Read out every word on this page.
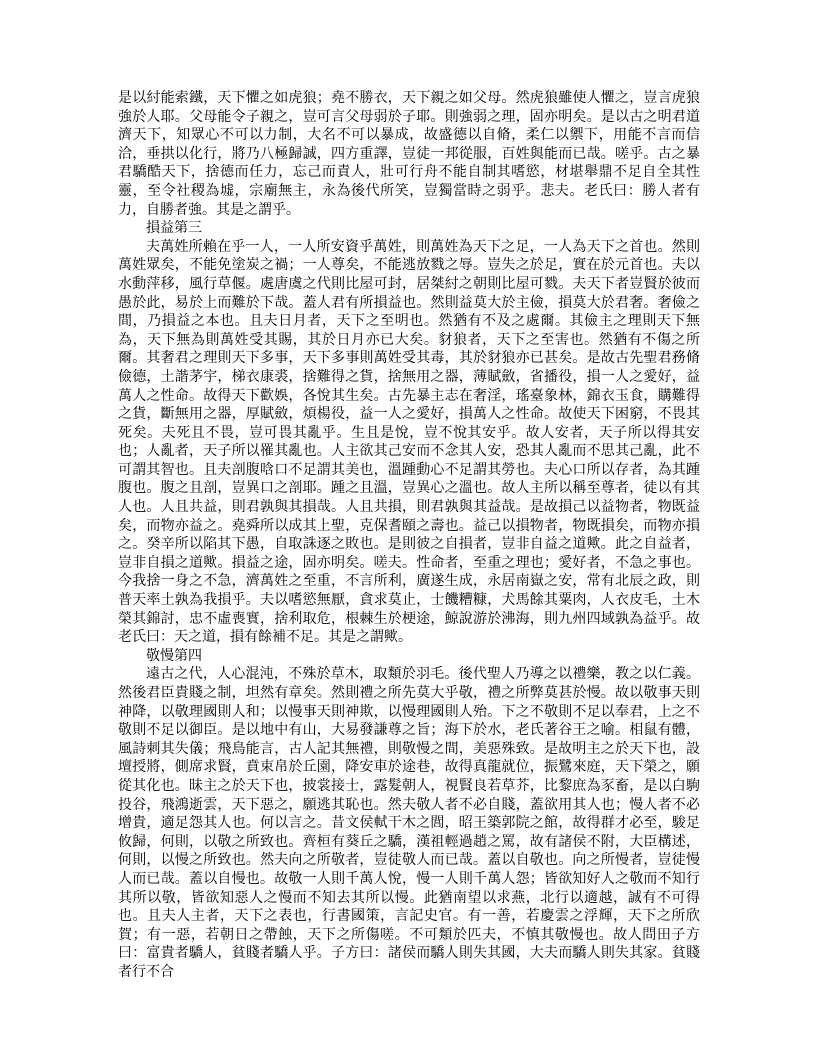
是以紂能索鐵，天下懼之如虎狼；堯不勝衣，天下親之如父母。然虎狼雖使人懼之，豈言虎狼強於人耶。父母能令子親之，豈可言父母弱於子耶。則強弱之理，固亦明矣。是以古之明君道濟天下，知眾心不可以力制，大名不可以暴成，故盛德以自脩，柔仁以禦下，用能不言而信洽，垂拱以化行，將乃八極歸誠，四方重譯，豈徒一邦從服，百姓與能而已哉。嗟乎。古之暴君驕酷天下，捨德而任力，忘己而責人，壯可行舟不能自制其嗜慾，材堪舉鼎不足自全其性靈，至令社稷為墟，宗廟無主，永為後代所笑，豈獨當時之弱乎。悲夫。老氏曰：勝人者有力，自勝者強。其是之謂乎。

損益第三

夫萬姓所賴在乎一人，一人所安資乎萬姓，則萬姓為天下之足，一人為天下之首也。然則萬姓眾矣，不能免塗炭之禍；一人尊矣，不能逃放戮之辱。豈失之於足，實在於元首也。夫以水動萍移，風行草偃。處唐虞之代則比屋可封，居桀紂之朝則比屋可戮。夫天下者豈賢於彼而愚於此，易於上而難於下哉。蓋人君有所損益也。然則益莫大於主儉，損莫大於君奢。奢儉之間，乃損益之本也。且夫日月者，天下之至明也。然猶有不及之處爾。其儉主之理則天下無為，天下無為則萬姓受其賜，其於日月亦已大矣。豺狼者，天下之至害也。然猶有不傷之所爾。其奢君之理則天下多事，天下多事則萬姓受其毒，其於豺狼亦已甚矣。是故古先聖君務脩儉德，土諧茅宇，梯衣康裘，捨難得之貨，捨無用之器，薄賦斂，省播役，損一人之愛好，益萬人之性命。故得天下歡娛，各悅其生矣。古先暴主志在奢淫，瑤臺象林，錦衣玉食，購難得之貨，斷無用之器，厚賦斂，煩楊役，益一人之愛好，損萬人之性命。故使天下困窮，不畏其死矣。夫死且不畏，豈可畏其亂乎。生且是悅，豈不悅其安乎。故人安者，天子所以得其安也；人亂者，天子所以罹其亂也。人主欲其己安而不念其人安，恐其人亂而不思其己亂，此不可謂其智也。且夫剖腹唅口不足謂其美也，溫踵動心不足謂其勞也。夫心口所以存者，為其踵腹也。腹之且剖，豈異口之剖耶。踵之且溫，豈異心之溫也。故人主所以稱至尊者，徒以有其人也。人且共益，則君孰與其損哉。人且共損，則君孰與其益哉。是故損己以益物者，物既益矣，而物亦益之。堯舜所以成其上聖，克保耆頤之壽也。益己以損物者，物既損矣，而物亦損之。癸辛所以陷其下愚，自取誅逐之敗也。是則彼之自損者，豈非自益之道歟。此之自益者，豈非自損之道歟。損益之途，固亦明矣。嗟夫。性命者，至重之理也；愛好者，不急之事也。今我捨一身之不急，濟萬姓之至重，不言所利，廣遂生成，永居南嶽之安，常有北辰之政，則普天率土孰為我損乎。夫以嗜慾無厭，貪求莫止，士饑糟糠，犬馬餘其粟肉，人衣皮毛，土木榮其錦討，忠不虛喪實，捨利取危，根棘生於梗途，鯨說游於沸海，則九州四域孰為益乎。故老氏曰：天之道，損有餘補不足。其是之謂歟。

敬慢第四

遠古之代，人心混沌，不殊於草木，取類於羽毛。後代聖人乃導之以禮樂，教之以仁義。然後君臣貴賤之制，坦然有章矣。然則禮之所先莫大乎敬，禮之所弊莫甚於慢。故以敬事天則神降，以敬理國則人和；以慢事天則神欺，以慢理國則人殆。下之不敬則不足以奉君，上之不敬則不足以御臣。是以地中有山，大易發謙尊之旨；海下於水，老氏著谷王之喻。相鼠有體，風詩刺其失儀；飛鳥能言，古人記其無禮，則敬慢之間，美惡殊致。是故明主之於天下也，設壇授將，側席求賢，賁束帛於丘園，降安車於途巷，故得真龍就位，振鷺來庭，天下榮之，願從其化也。昧主之於天下也，披裳接士，露髮朝人，視賢良若草芥，比黎庶為豕畜，是以白駒投谷，飛鴻逝雲，天下惡之，願逃其恥也。然夫敬人者不必自賤，蓋欲用其人也；慢人者不必增貴，適足怨其人也。何以言之。昔文侯軾干木之閭，昭王築郭院之館，故得群才必至，駿足攸歸，何則，以敬之所致也。齊桓有葵丘之驕，漢祖輕過趙之罵，故有諸侯不附，大臣構述，何則，以慢之所致也。然夫向之所敬者，豈徒敬人而已哉。蓋以自敬也。向之所慢者，豈徒慢人而已哉。蓋以自慢也。故敬一人則千萬人悅，慢一人則千萬人怨；皆欲知好人之敬而不知行其所以敬，皆欲知惡人之慢而不知去其所以慢。此猶南望以求燕，北行以適越，誠有不可得也。且夫人主者，天下之表也，行書國策，言記史官。有一善，若慶雲之浮輝，天下之所欣賀；有一惡，若朝日之帶蝕，天下之所傷嗟。不可類於匹夫，不慎其敬慢也。故人問田子方曰：富貴者驕人，貧賤者驕人乎。子方曰：諸侯而驕人則失其國，大夫而驕人則失其家。貧賤者行不合
